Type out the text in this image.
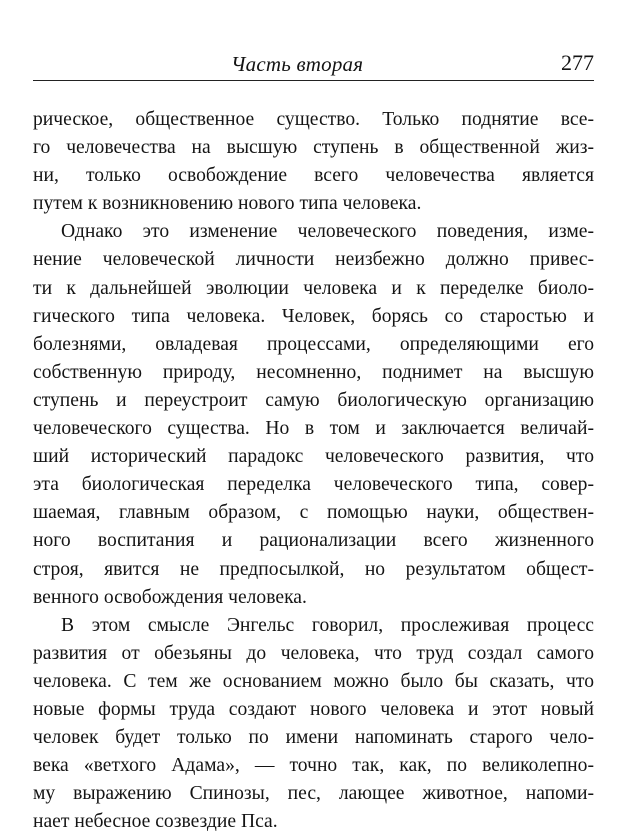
Часть вторая	277
рическое, общественное существо. Только поднятие все-
го человечества на высшую ступень в общественной жиз-
ни, только освобождение всего человечества является
путем к возникновению нового типа человека.
Однако это изменение человеческого поведения, изме-
нение человеческой личности неизбежно должно привес-
ти к дальнейшей эволюции человека и к переделке биоло-
гического типа человека. Человек, борясь со старостью и
болезнями, овладевая процессами, определяющими его
собственную природу, несомненно, поднимет на высшую
ступень и переустроит самую биологическую организацию
человеческого существа. Но в том и заключается величай-
ший исторический парадокс человеческого развития, что
эта биологическая переделка человеческого типа, совер-
шаемая, главным образом, с помощью науки, обществен-
ного воспитания и рационализации всего жизненного
строя, явится не предпосылкой, но результатом общест-
венного освобождения человека.
В этом смысле Энгельс говорил, прослеживая процесс
развития от обезьяны до человека, что труд создал самого
человека. С тем же основанием можно было бы сказать, что
новые формы труда создают нового человека и этот новый
человек будет только по имени напоминать старого чело-
века «ветхого Адама», — точно так, как, по великолепно-
му выражению Спинозы, пес, лающее животное, напоми-
нает небесное созвездие Пса.
